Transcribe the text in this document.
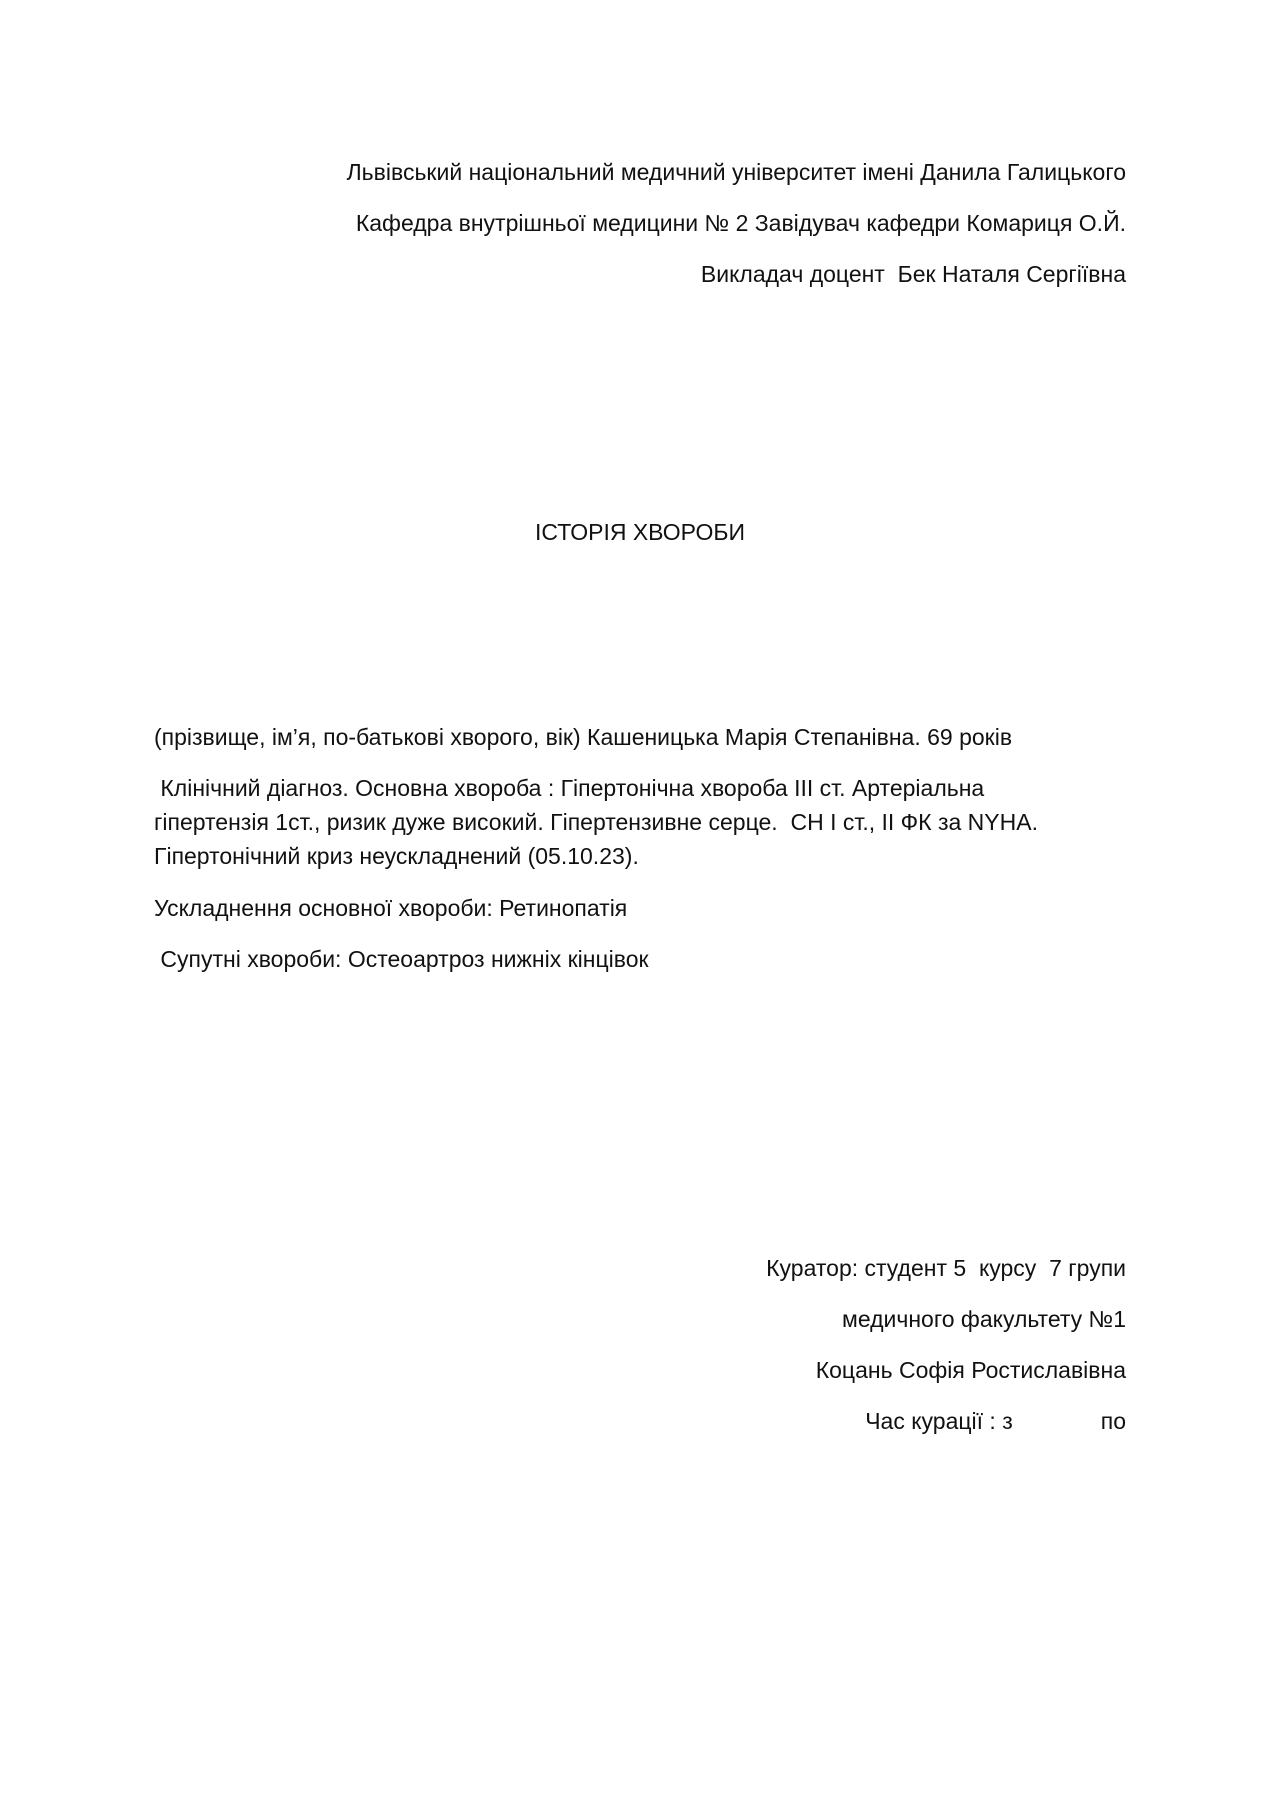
Львівський національний медичний університет імені Данила Галицького
Кафедра внутрішньої медицини № 2 Завідувач кафедри Комариця О.Й.
Викладач доцент  Бек Наталя Сергіївна
ІСТОРІЯ ХВОРОБИ
(прізвище, ім’я, по-батькові хворого, вік) Кашеницька Марія Степанівна. 69 років
Клінічний діагноз. Основна хвороба : Гіпертонічна хвороба ІІІ ст. Артеріальна
гіпертензія 1ст., ризик дуже високий. Гіпертензивне серце.  СН І ст., ІІ ФК за NYHA.
Гіпертонічний криз неускладнений (05.10.23).
Ускладнення основної хвороби: Ретинопатія
Супутні хвороби: Остеоартроз нижніх кінцівок
Куратор: студент 5  курсу  7 групи
медичного факультету №1
Коцань Софія Ростиславівна
Час курації : з	по
